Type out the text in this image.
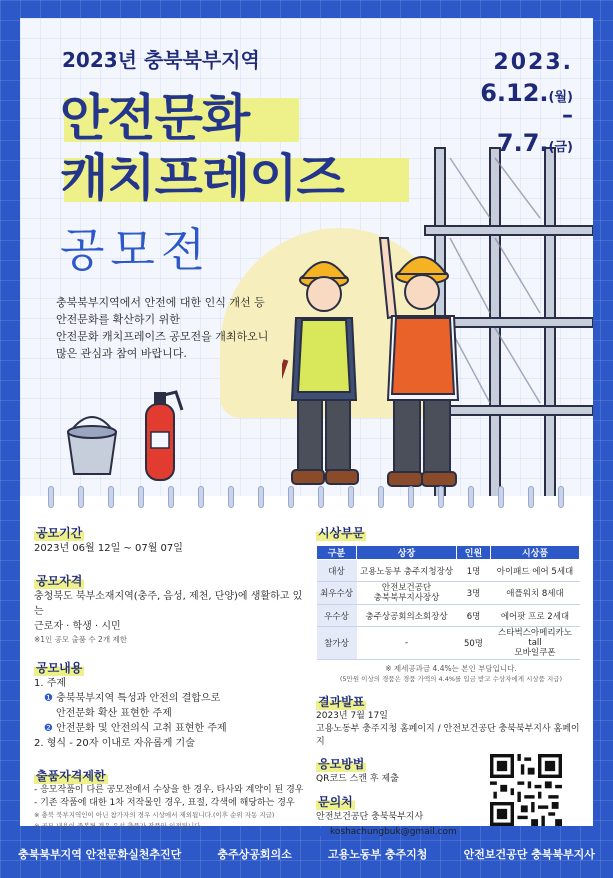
2023년 충북북부지역
안전문화
캐치프레이즈
공모전
2023.
6.12.(월)
–
7.7.(금)
충북북부지역에서 안전에 대한 인식 개선 등
안전문화를 확산하기 위한
안전문화 캐치프레이즈 공모전을 개최하오니
많은 관심과 참여 바랍니다.
공모기간
2023년 06월 12일 ~ 07월 07일
공모자격
충청북도 북부소재지역(충주, 음성, 제천, 단양)에 생활하고 있는
근로자 · 학생 · 시민
※1인 공모 출품 수 2개 제한
공모내용
1. 주제
❶ 충북북부지역 특성과 안전의 결합으로
안전문화 확산 표현한 주제
❷ 안전문화 및 안전의식 고취 표현한 주제
2. 형식 - 20자 이내로 자유롭게 기술
출품자격제한
- 응모작품이 다른 공모전에서 수상을 한 경우, 타사와 계약이 된 경우
- 기존 작품에 대한 1차 저작물인 경우, 표절, 각색에 해당하는 경우
※ 충북 북부지역인이 아닌 참가자의 경우 시상에서 제외됩니다.(이후 순위 자동 지급)
※ 공모 내용이 중복될 경우 우선 출품자 작품만 인정됩니다.
시상부문
구분	상장	인원	시상품
대상	고용노동부 충주지청장상	1명	아이패드 에어 5세대
최우수상	안전보건공단
충북북부지사장상	3명	애플워치 8세대
우수상	충주상공회의소회장상	6명	에어팟 프로 2세대
참가상	-	50명	스타벅스아메리카노 tall
모바일쿠폰
※ 제세공과금 4.4%는 본인 부담입니다.
(5만원 이상의 경품은 경품 가액의 4.4%를 입금 받고 수상자에게 시상품 지급)
결과발표
2023년 7월 17일
고용노동부 충주지청 홈페이지 / 안전보건공단 충북북부지사 홈페이지
응모방법
QR코드 스캔 후 제출
문의처
안전보건공단 충북북부지사
koshachungbuk@gmail.com
충북북부지역 안전문화실천추진단	충주상공회의소	고용노동부 충주지청	안전보건공단 충북북부지사
